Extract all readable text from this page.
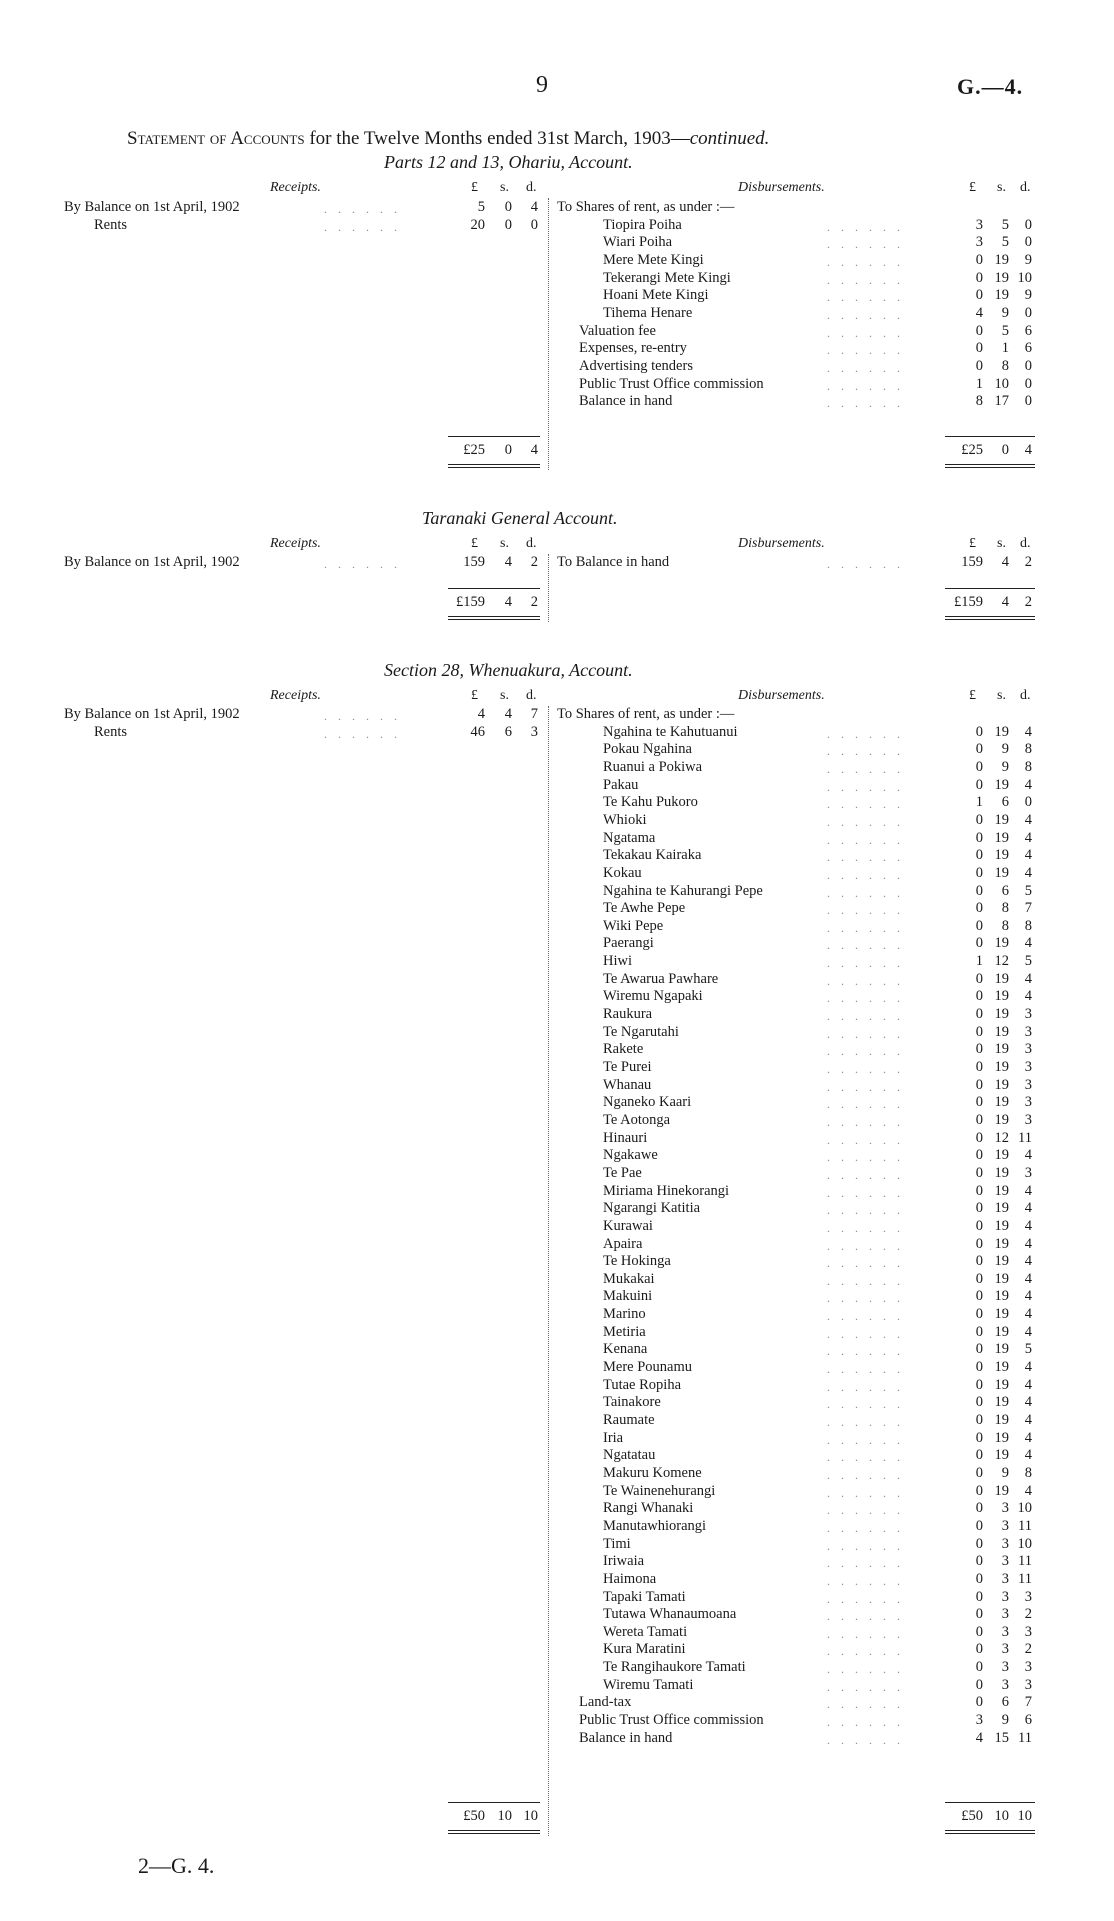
9	G.—4.
Statement of Accounts for the Twelve Months ended 31st March, 1903—continued.
Parts 12 and 13, Ohariu, Account.
Receipts.	£ s. d.	Disbursements.	£ s. d.
By Balance on 1st April, 1902	. . . . . .	5	0	4
Rents	. . . . . .	20	0	0
To Shares of rent, as under :—
Tiopira Poiha	. . . . . .	3	5	0
Wiari Poiha	. . . . . .	3	5	0
Mere Mete Kingi	. . . . . .	0 19	9
Tekerangi Mete Kingi	. . . . . .	0 19 10
Hoani Mete Kingi	. . . . . .	0 19	9
Tihema Henare	. . . . . .	4	9	0
Valuation fee	. . . . . .	0	5	6
Expenses, re-entry	. . . . . .	0	1	6
Advertising tenders	. . . . . .	0	8	0
Public Trust Office commission	. . . . . .	1 10	0
Balance in hand	. . . . . .	8 17	0
£25	0	4	£25	0	4
Taranaki General Account.
Receipts.	£ s. d.	Disbursements.	£ s. d.
By Balance on 1st April, 1902	. . . . . .	159	4	2 To Balance in hand	. . . . . .	159	4	2
£159	4	2	£159	4	2
Section 28, Whenuakura, Account.
Receipts.	£ s. d.	Disbursements.	£ s. d.
By Balance on 1st April, 1902	. . . . . .	4	4	7
Rents	. . . . . .	46	6	3
To Shares of rent, as under :—
Ngahina te Kahutuanui	. . . . . .	0 19	4
Pokau Ngahina	. . . . . .	0	9	8
Ruanui a Pokiwa	. . . . . .	0	9	8
Pakau	. . . . . .	0 19	4
Te Kahu Pukoro	. . . . . .	1	6	0
Whioki	. . . . . .	0 19	4
Ngatama	. . . . . .	0 19	4
Tekakau Kairaka	. . . . . .	0 19	4
Kokau	. . . . . .	0 19	4
Ngahina te Kahurangi Pepe	. . . . . .	0	6	5
Te Awhe Pepe	. . . . . .	0	8	7
Wiki Pepe	. . . . . .	0	8	8
Paerangi	. . . . . .	0 19	4
Hiwi	. . . . . .	1 12	5
Te Awarua Pawhare	. . . . . .	0 19	4
Wiremu Ngapaki	. . . . . .	0 19	4
Raukura	. . . . . .	0 19	3
Te Ngarutahi	. . . . . .	0 19	3
Rakete	. . . . . .	0 19	3
Te Purei	. . . . . .	0 19	3
Whanau	. . . . . .	0 19	3
Nganeko Kaari	. . . . . .	0 19	3
Te Aotonga	. . . . . .	0 19	3
Hinauri	. . . . . .	0 12 11
Ngakawe	. . . . . .	0 19	4
Te Pae	. . . . . .	0 19	3
Miriama Hinekorangi	. . . . . .	0 19	4
Ngarangi Katitia	. . . . . .	0 19	4
Kurawai	. . . . . .	0 19	4
Apaira	. . . . . .	0 19	4
Te Hokinga	. . . . . .	0 19	4
Mukakai	. . . . . .	0 19	4
Makuini	. . . . . .	0 19	4
Marino	. . . . . .	0 19	4
Metiria	. . . . . .	0 19	4
Kenana	. . . . . .	0 19	5
Mere Pounamu	. . . . . .	0 19	4
Tutae Ropiha	. . . . . .	0 19	4
Tainakore	. . . . . .	0 19	4
Raumate	. . . . . .	0 19	4
Iria	. . . . . .	0 19	4
Ngatatau	. . . . . .	0 19	4
Makuru Komene	. . . . . .	0	9	8
Te Wainenehurangi	. . . . . .	0 19	4
Rangi Whanaki	. . . . . .	0	3 10
Manutawhiorangi	. . . . . .	0	3 11
Timi	. . . . . .	0	3 10
Iriwaia	. . . . . .	0	3 11
Haimona	. . . . . .	0	3 11
Tapaki Tamati	. . . . . .	0	3	3
Tutawa Whanaumoana	. . . . . .	0	3	2
Wereta Tamati	. . . . . .	0	3	3
Kura Maratini	. . . . . .	0	3	2
Te Rangihaukore Tamati	. . . . . .	0	3	3
Wiremu Tamati	. . . . . .	0	3	3
Land-tax	. . . . . .	0	6	7
Public Trust Office commission	. . . . . .	3	9	6
Balance in hand	. . . . . .	4 15 11
£50 10 10	£50 10 10
2—G. 4.
